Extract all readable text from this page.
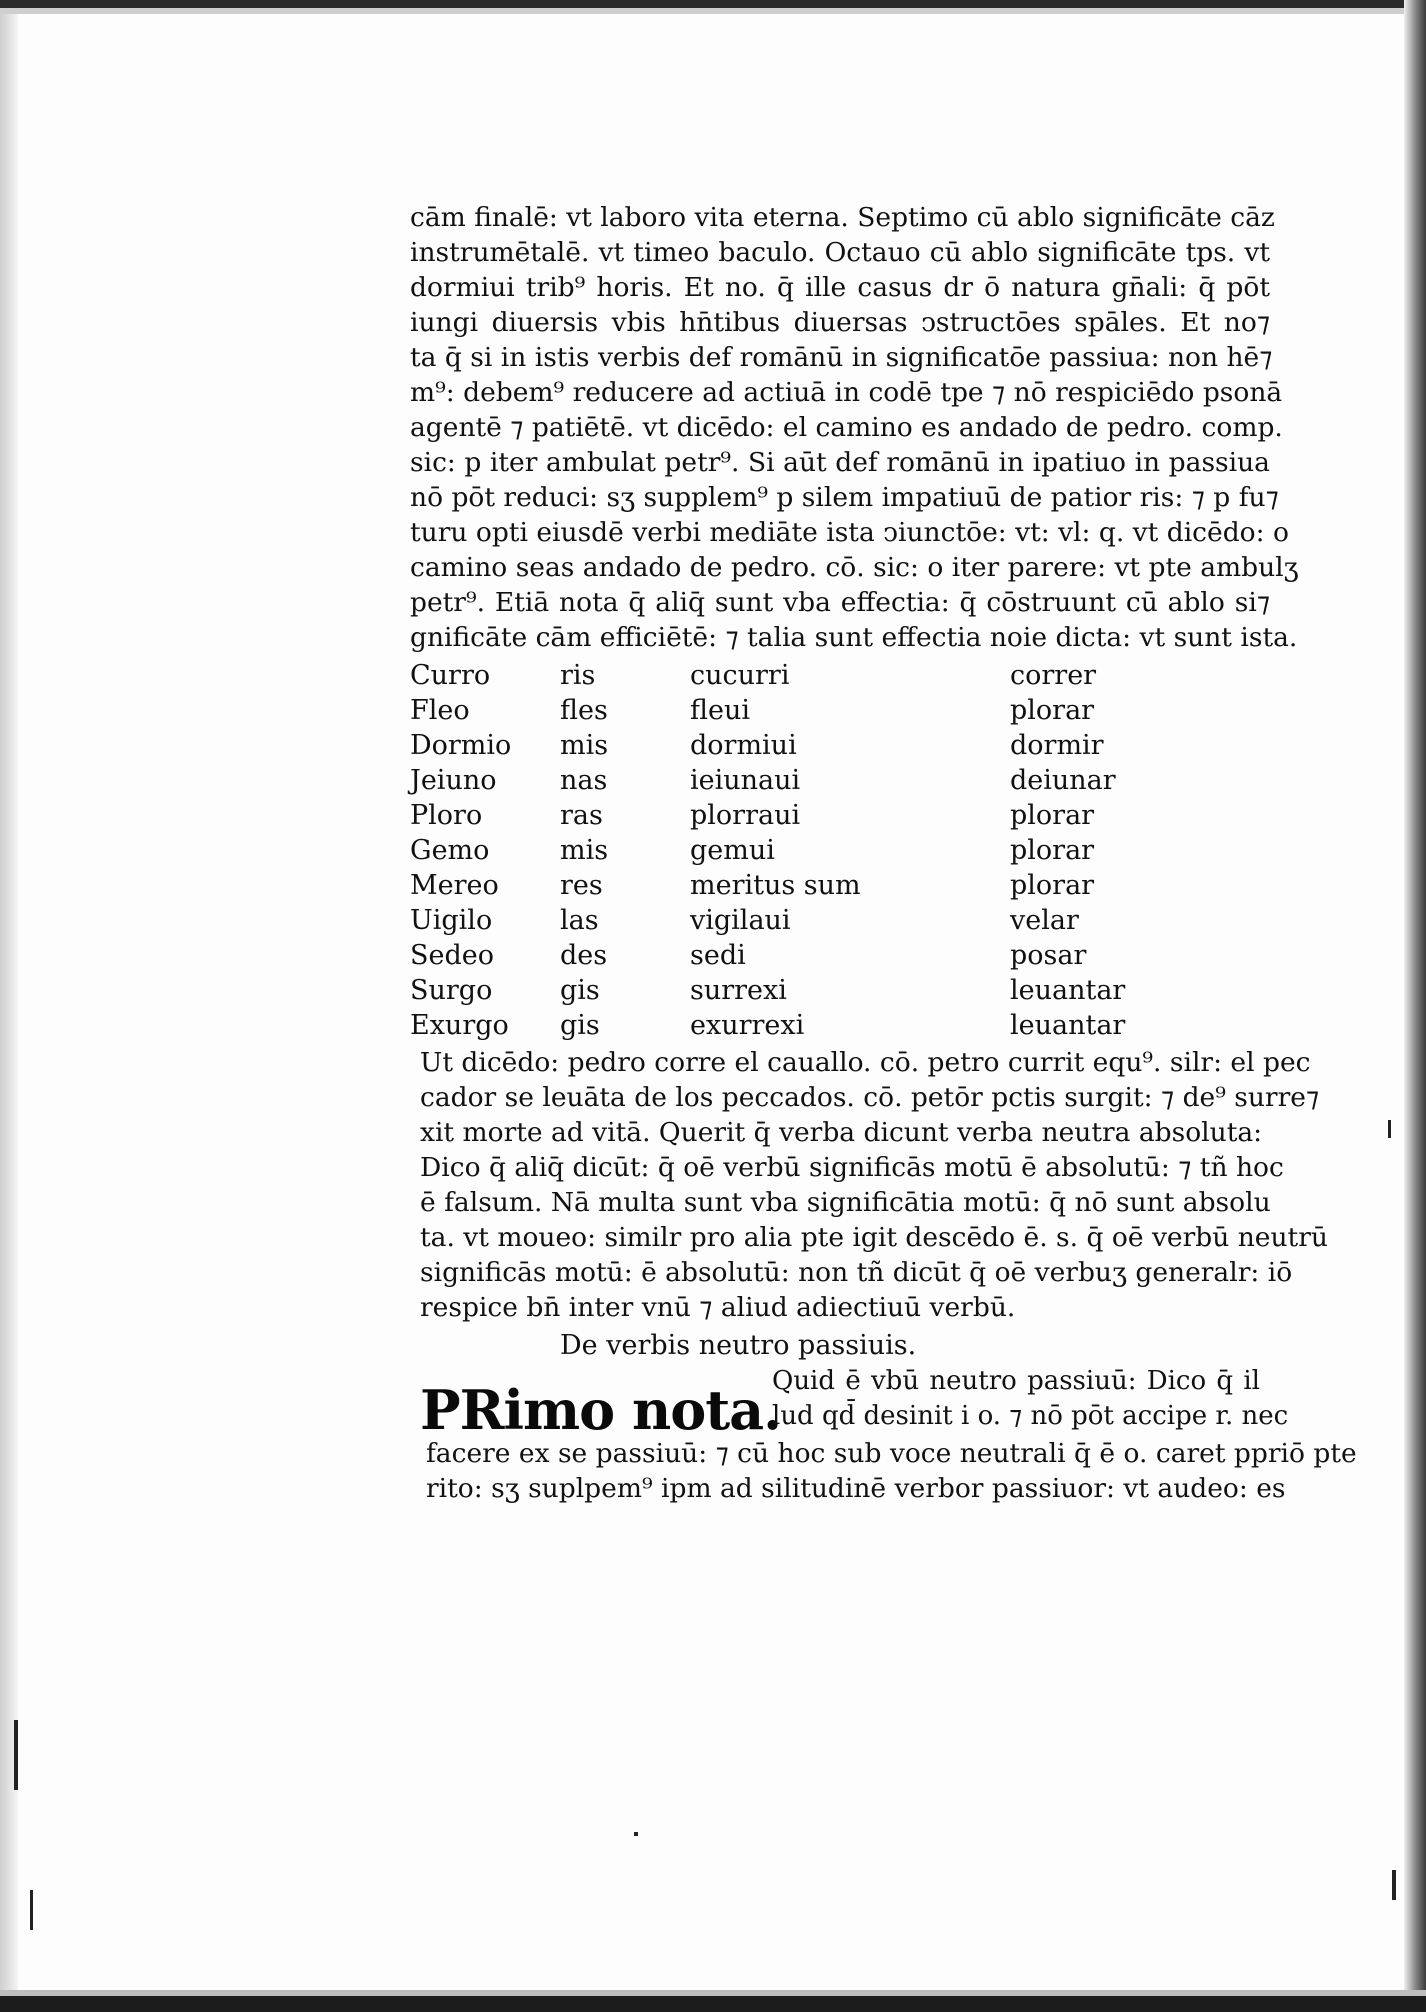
cām finalē: vt laboro vita eterna. Septimo cū ablo significāte cāz
instrumētalē. vt timeo baculo. Octauo cū ablo significāte tps. vt
dormiui trib⁹ horis. Et no. q̄ ille casus dr ō natura gn̄ali: q̄ pōt
iungi diuersis vbis hn̄tibus diuersas ↄstructōes spāles. Et no⁊
ta q̄ si in istis verbis def romānū in significatōe passiua: non hē⁊
m⁹: debem⁹ reducere ad actiuā in codē tpe ⁊ nō respiciēdo psonā
agentē ⁊ patiētē. vt dicēdo: el camino es andado de pedro. comp.
sic: p iter ambulat petr⁹. Si aūt def romānū in ipatiuo in passiua
nō pōt reduci: sʒ supplem⁹ p silem impatiuū de patior ris: ⁊ p fu⁊
turu opti eiusdē verbi mediāte ista ↄiunctōe: vt: vl: q. vt dicēdo: o
camino seas andado de pedro. cō. sic: o iter parere: vt pte ambulʒ
petr⁹. Etiā nota q̄ aliq̄ sunt vba effectia: q̄ cōstruunt cū ablo si⁊
gnificāte cām efficiētē: ⁊ talia sunt effectia noie dicta: vt sunt ista.
Curro	ris	cucurri	correr
Fleo	fles	fleui	plorar
Dormio	mis	dormiui	dormir
Jeiuno	nas	ieiunaui	deiunar
Ploro	ras	plorraui	plorar
Gemo	mis	gemui	plorar
Mereo	res	meritus sum	plorar
Uigilo	las	vigilaui	velar
Sedeo	des	sedi	posar
Surgo	gis	surrexi	leuantar
Exurgo	gis	exurrexi	leuantar
Ut dicēdo: pedro corre el cauallo. cō. petro currit equ⁹. silr: el pec
cador se leuāta de los peccados. cō. petōr pctis surgit: ⁊ de⁹ surre⁊
xit morte ad vitā. Querit q̄ verba dicunt verba neutra absoluta:
Dico q̄ aliq̄ dicūt: q̄ oē verbū significās motū ē absolutū: ⁊ tñ hoc
ē falsum. Nā multa sunt vba significātia motū: q̄ nō sunt absolu
ta. vt moueo: similr pro alia pte igit descēdo ē. s. q̄ oē verbū neutrū
significās motū: ē absolutū: non tñ dicūt q̄ oē verbuʒ generalr: iō
respice bn̄ inter vnū ⁊ aliud adiectiuū verbū.
De verbis neutro passiuis.
PRimo nota.
Quid ē vbū neutro passiuū: Dico q̄ il
lud qd̄ desinit i o. ⁊ nō pōt accipe r. nec
facere ex se passiuū: ⁊ cū hoc sub voce neutrali q̄ ē o. caret ppriō pte
rito: sʒ suplpem⁹ ipm ad silitudinē verbor passiuor: vt audeo: es
